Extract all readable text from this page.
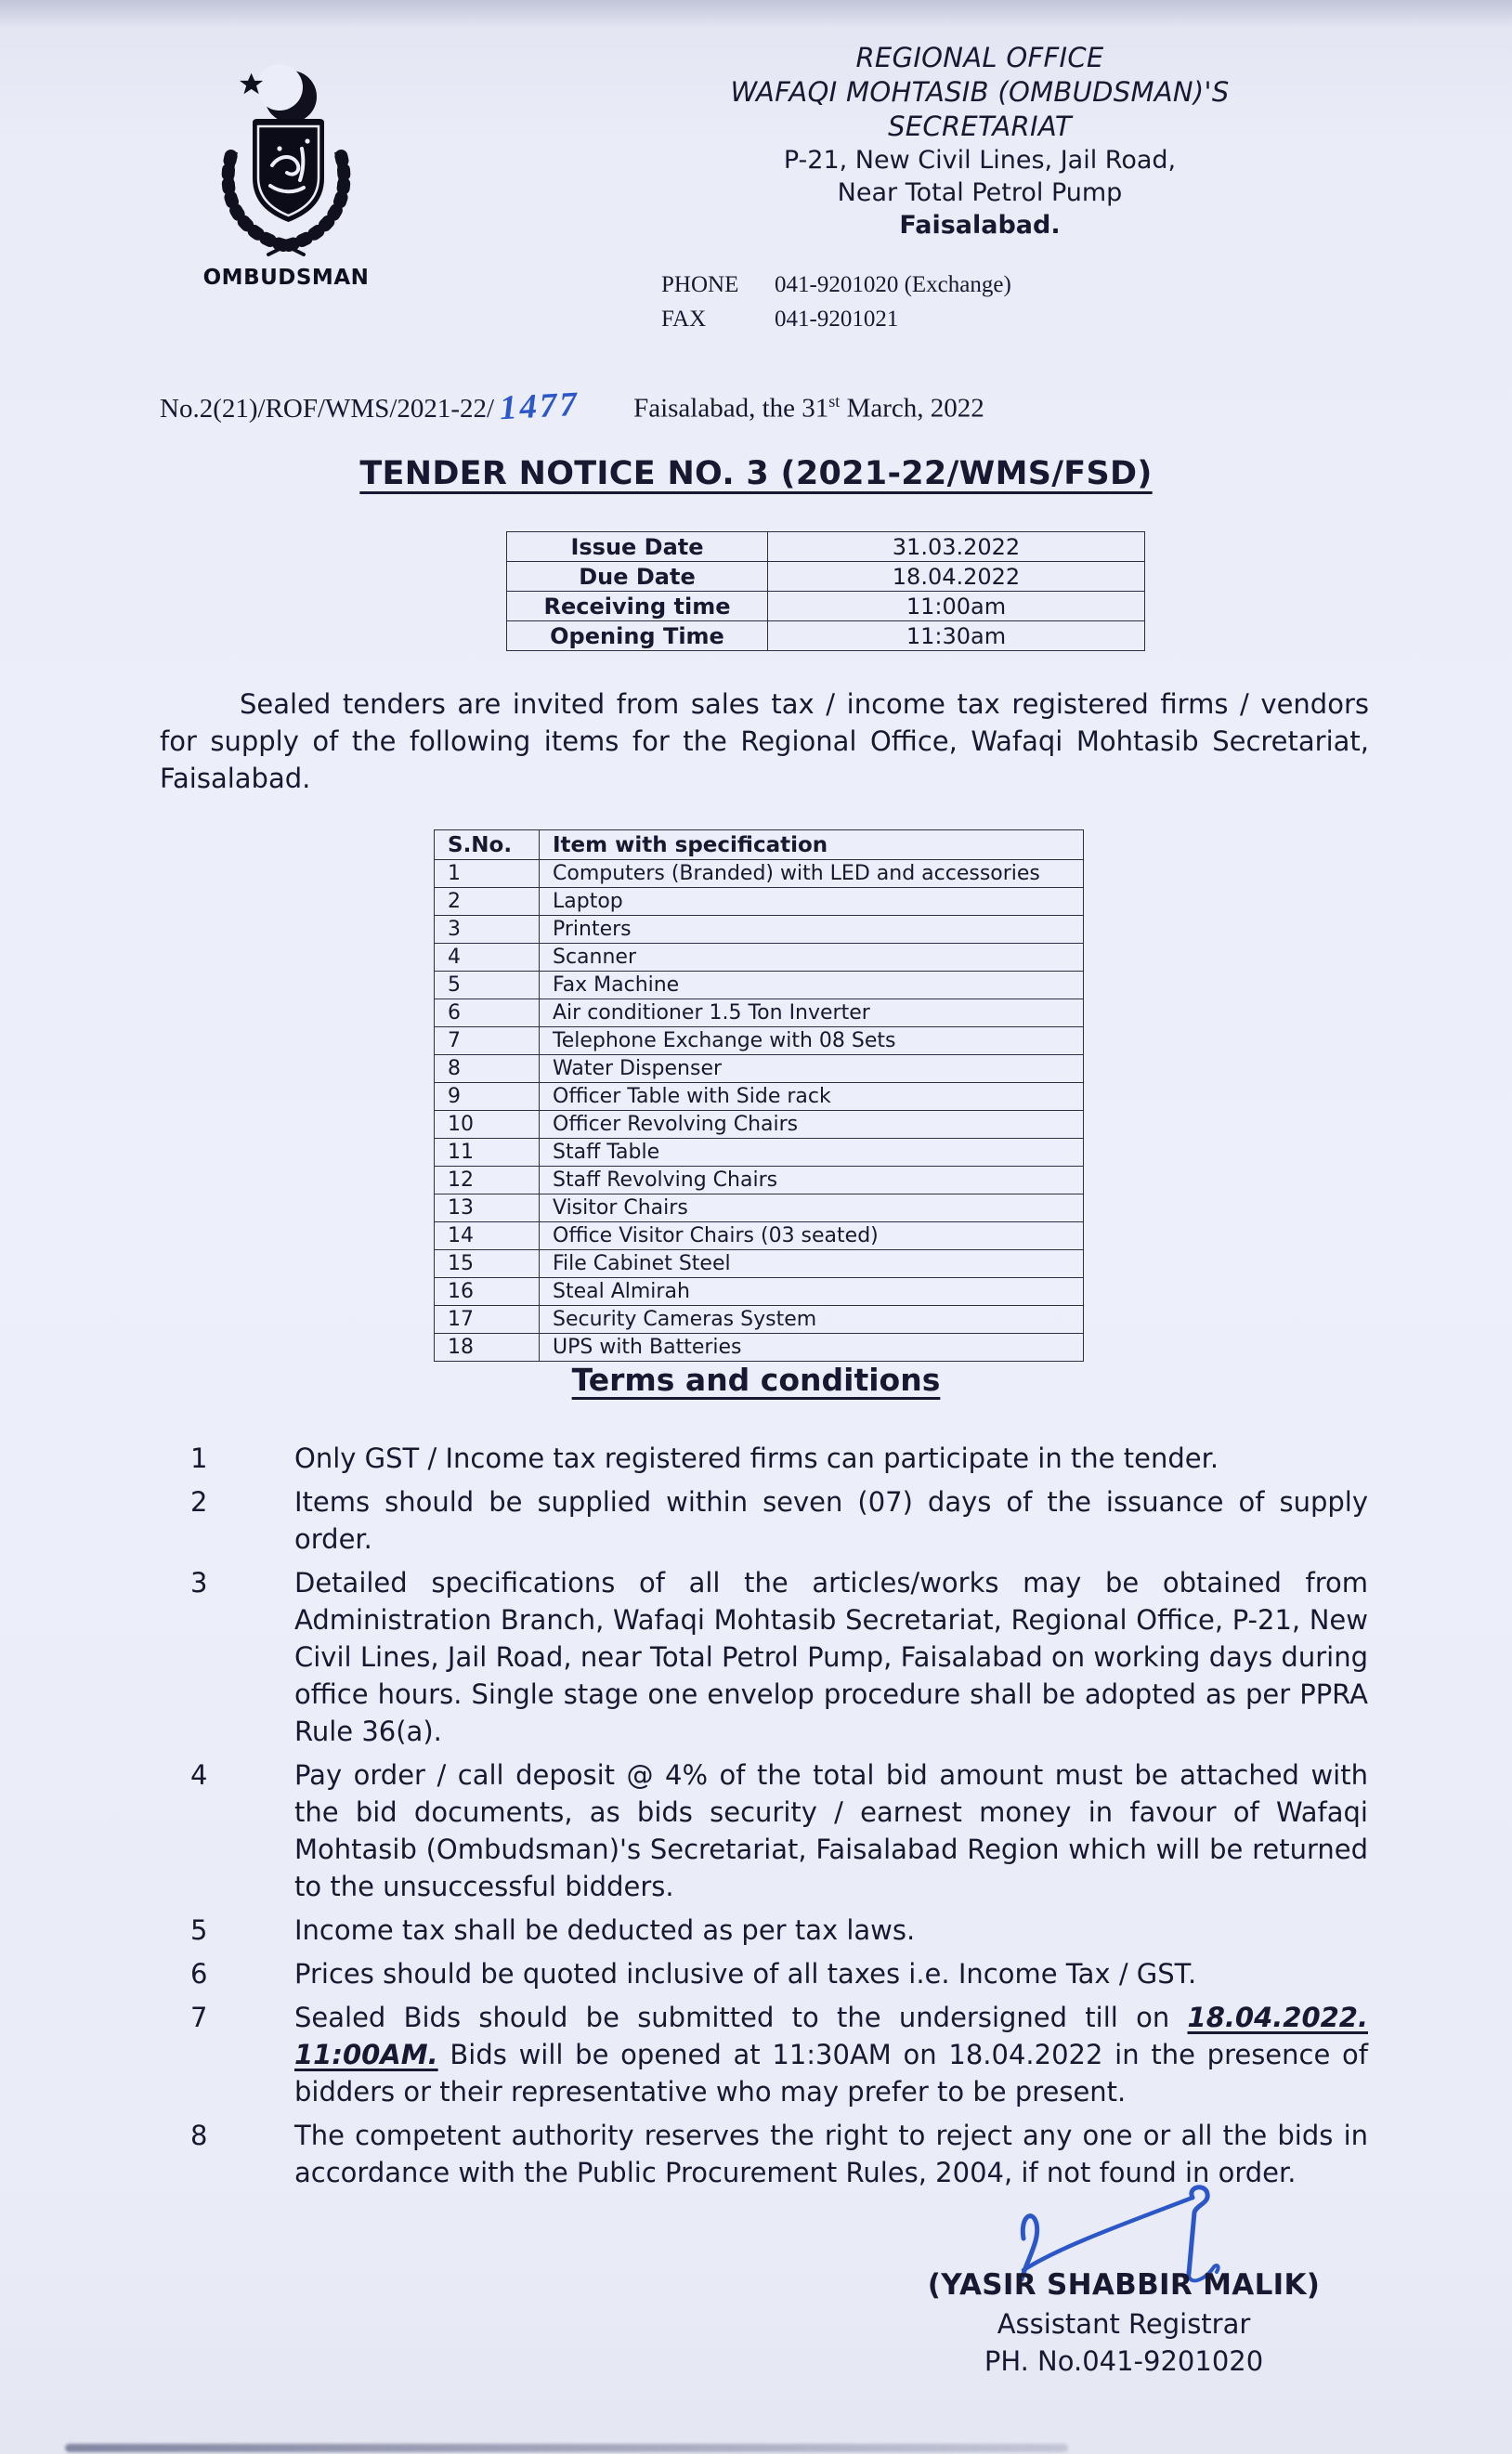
OMBUDSMAN
REGIONAL OFFICE
WAFAQI MOHTASIB (OMBUDSMAN)'S
SECRETARIAT
P-21, New Civil Lines, Jail Road,
Near Total Petrol Pump
Faisalabad.
PHONE 041-9201020 (Exchange)
FAX	041-9201021
No.2(21)/ROF/WMS/2021-22/ 1477 Faisalabad, the 31st March, 2022
TENDER NOTICE NO. 3 (2021-22/WMS/FSD)
Issue Date	31.03.2022
Due Date	18.04.2022
Receiving time	11:00am
Opening Time	11:30am
Sealed tenders are invited from sales tax / income tax registered firms / vendors for supply of the following items for the Regional Office, Wafaqi Mohtasib Secretariat, Faisalabad.
S.No.	Item with specification
1	Computers (Branded) with LED and accessories
2	Laptop
3	Printers
4	Scanner
5	Fax Machine
6	Air conditioner 1.5 Ton Inverter
7	Telephone Exchange with 08 Sets
8	Water Dispenser
9	Officer Table with Side rack
10	Officer Revolving Chairs
11	Staff Table
12	Staff Revolving Chairs
13	Visitor Chairs
14	Office Visitor Chairs (03 seated)
15	File Cabinet Steel
16	Steal Almirah
17	Security Cameras System
18	UPS with Batteries
Terms and conditions
1	Only GST / Income tax registered firms can participate in the tender.
2	Items should be supplied within seven (07) days of the issuance of supply order.
3	Detailed specifications of all the articles/works may be obtained from Administration Branch, Wafaqi Mohtasib Secretariat, Regional Office, P-21, New Civil Lines, Jail Road, near Total Petrol Pump, Faisalabad on working days during office hours. Single stage one envelop procedure shall be adopted as per PPRA Rule 36(a).
4	Pay order / call deposit @ 4% of the total bid amount must be attached with the bid documents, as bids security / earnest money in favour of Wafaqi Mohtasib (Ombudsman)'s Secretariat, Faisalabad Region which will be returned to the unsuccessful bidders.
5	Income tax shall be deducted as per tax laws.
6	Prices should be quoted inclusive of all taxes i.e. Income Tax / GST.
7	Sealed Bids should be submitted to the undersigned till on 18.04.2022. 11:00AM. Bids will be opened at 11:30AM on 18.04.2022 in the presence of bidders or their representative who may prefer to be present.
8	The competent authority reserves the right to reject any one or all the bids in accordance with the Public Procurement Rules, 2004, if not found in order.
(YASIR SHABBIR MALIK)
Assistant Registrar
PH. No.041-9201020
